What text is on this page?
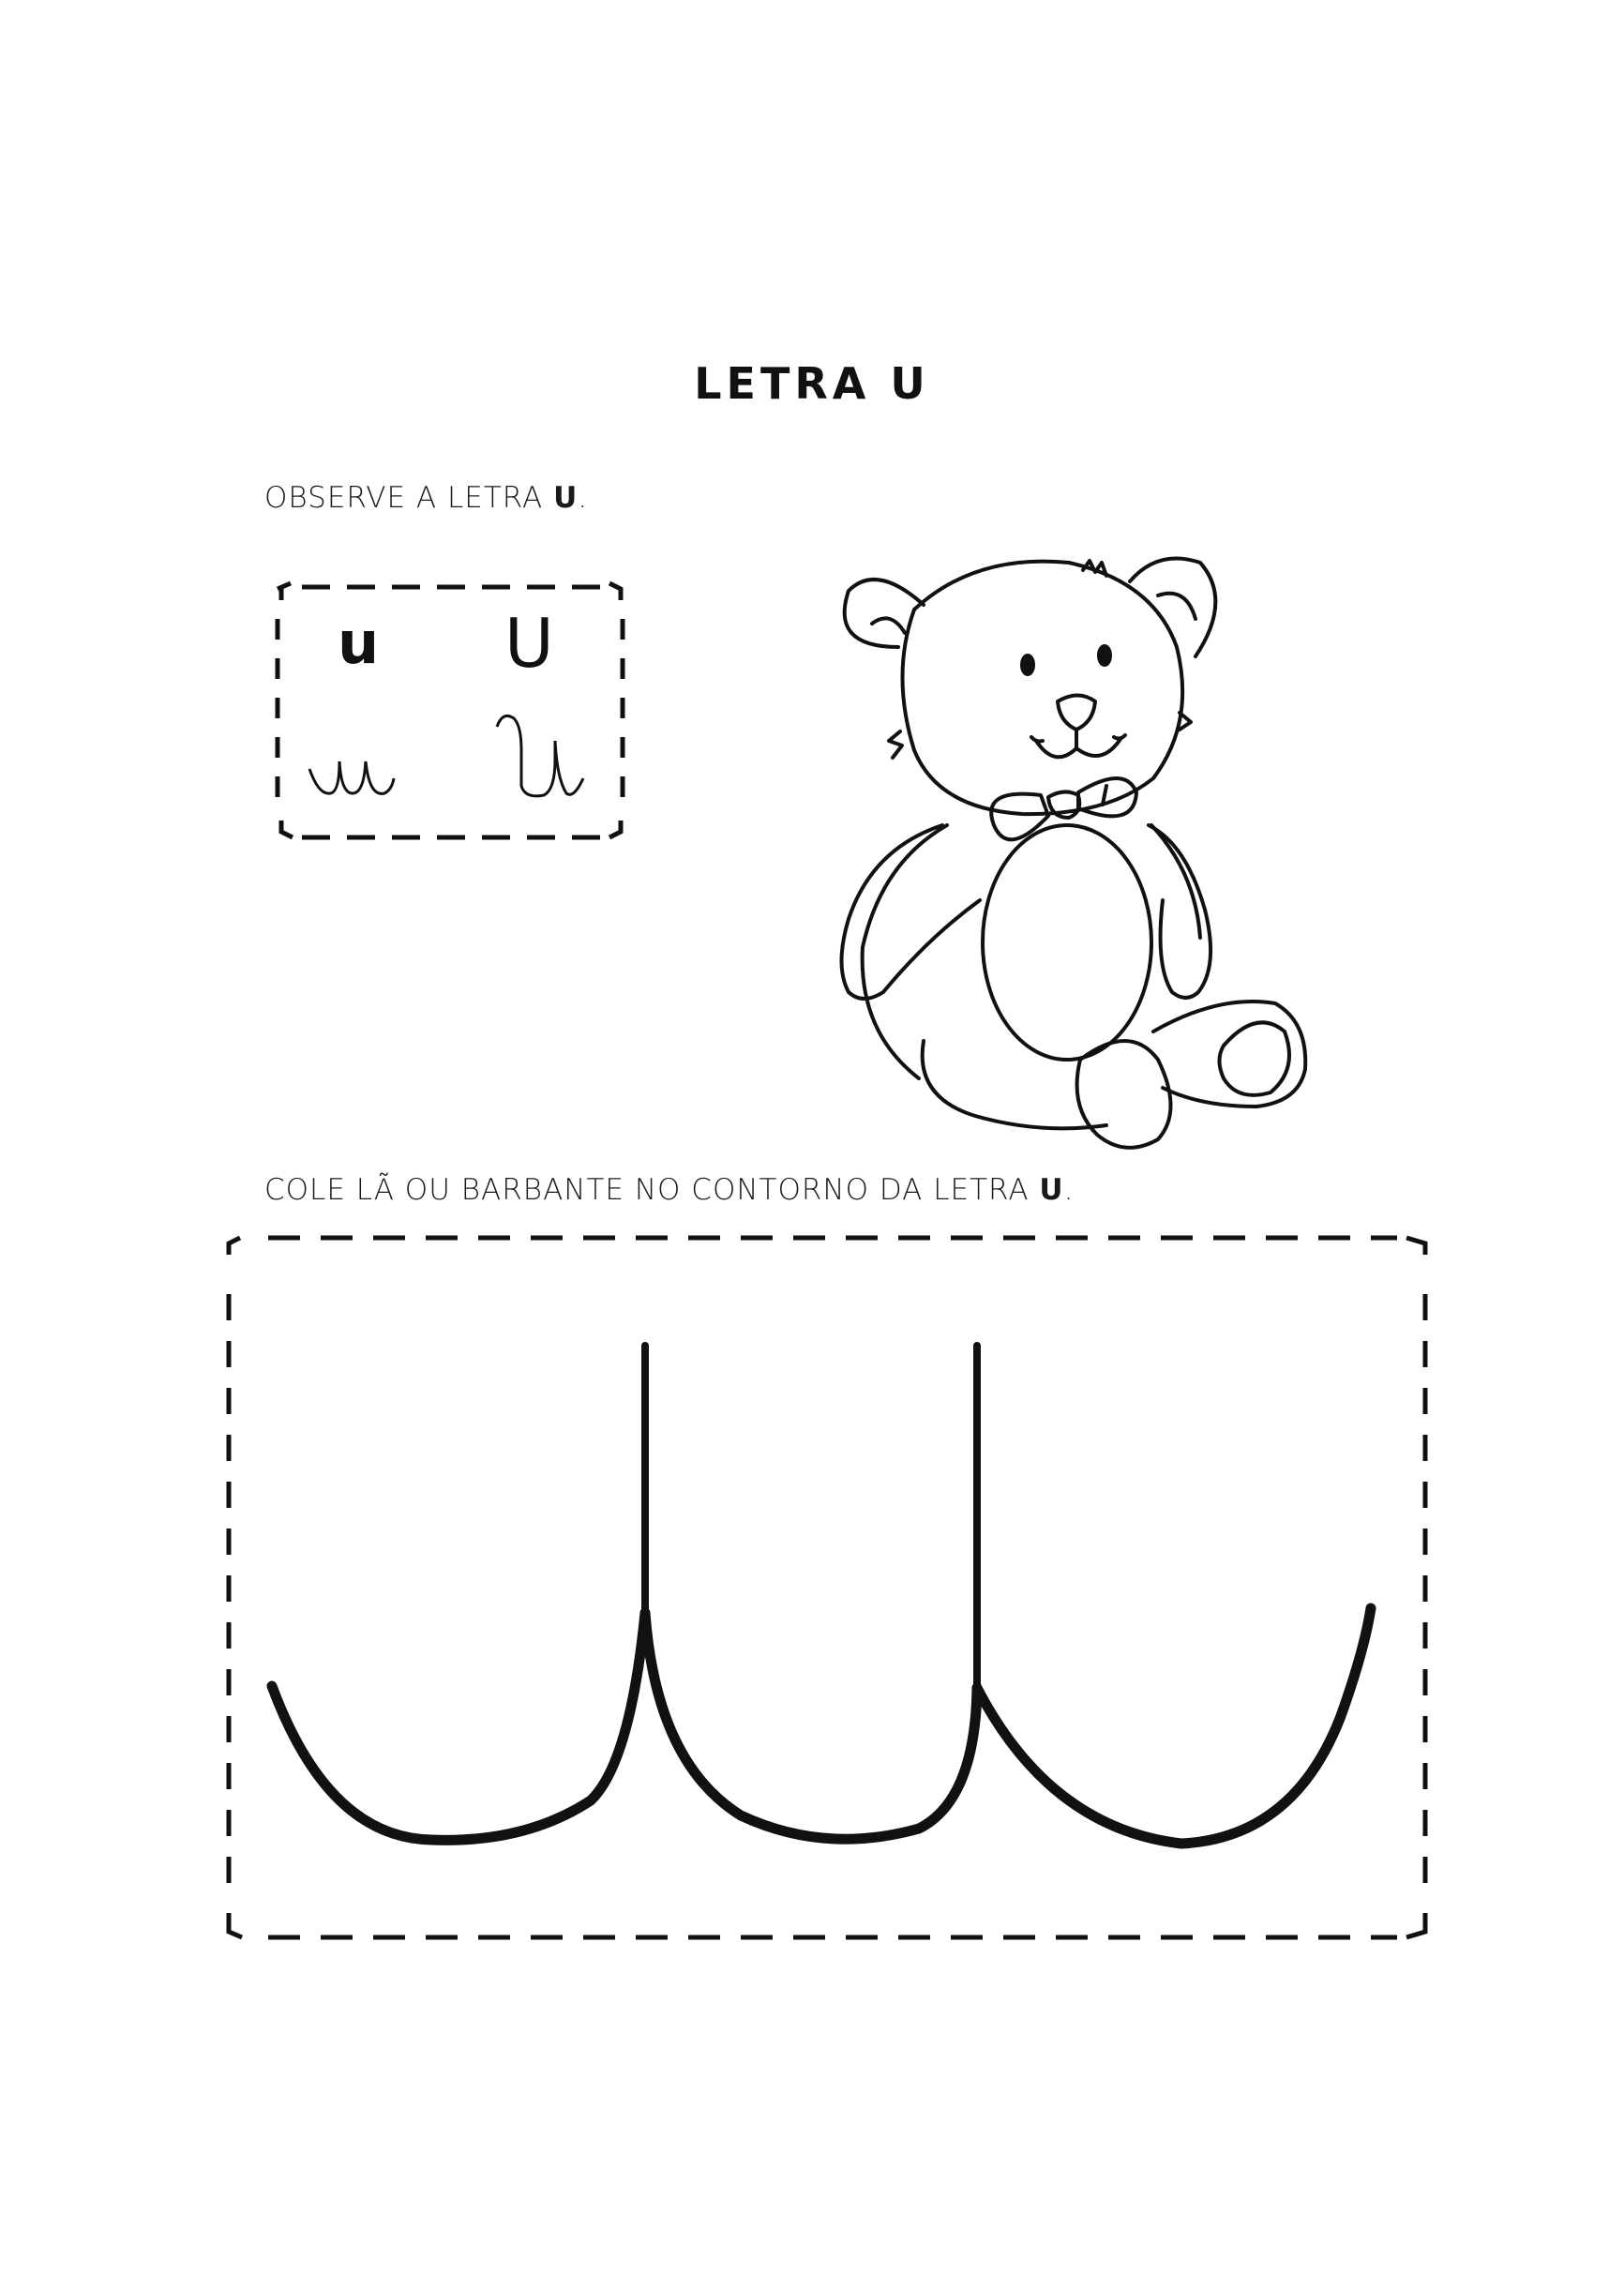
LETRA U
OBSERVE A LETRA U.
u U
COLE LÃ OU BARBANTE NO CONTORNO DA LETRA U.
